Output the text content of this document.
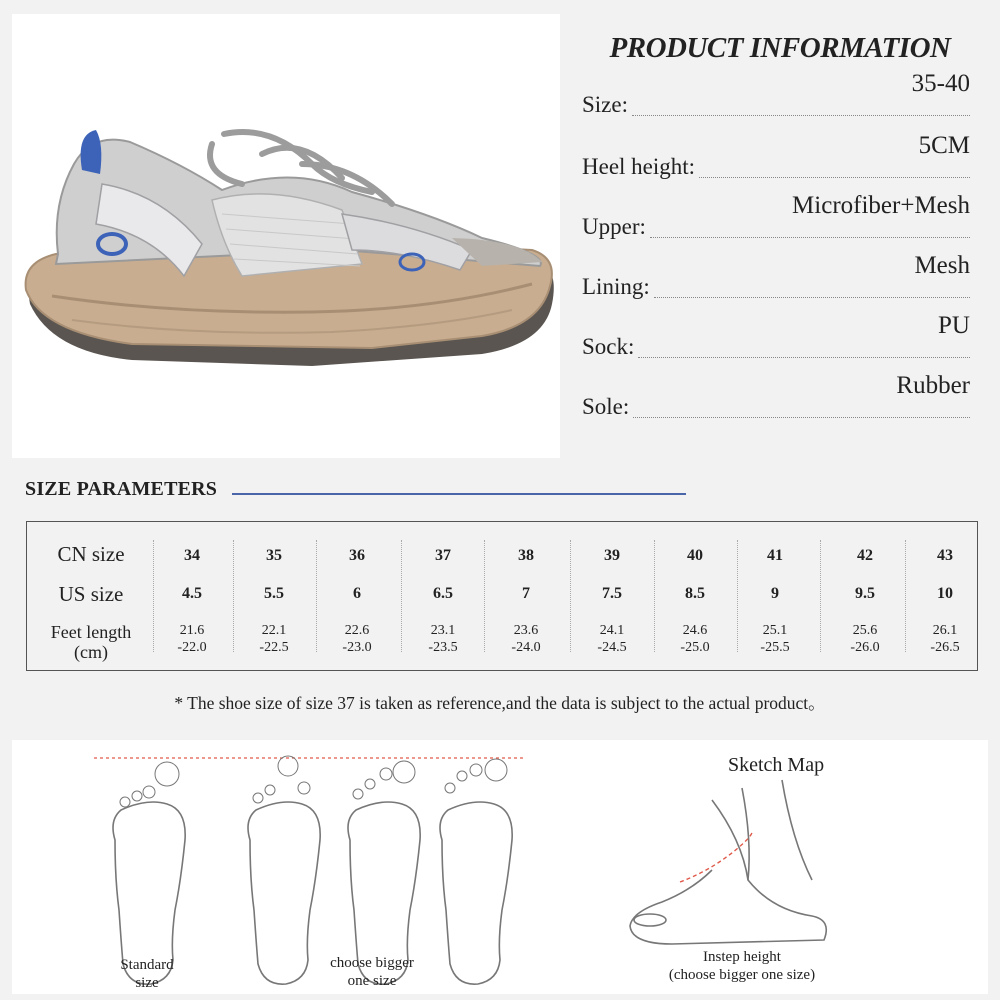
PRODUCT INFORMATION
Size:
35-40
Heel height:
5CM
Upper:
Microfiber+Mesh
Lining:
Mesh
Sock:
PU
Sole:
Rubber
SIZE PARAMETERS
CN size
US size
Feet length
(cm)
34
4.5
21.6
-22.0
35
5.5
22.1
-22.5
36
6
22.6
-23.0
37
6.5
23.1
-23.5
38
7
23.6
-24.0
39
7.5
24.1
-24.5
40
8.5
24.6
-25.0
41
9
25.1
-25.5
42
9.5
25.6
-26.0
43
10
26.1
-26.5
* The shoe size of size 37 is taken as reference,and the data is subject to the actual product。
Standard
size
choose bigger
one size
Sketch Map
Instep height
(choose bigger one size)
